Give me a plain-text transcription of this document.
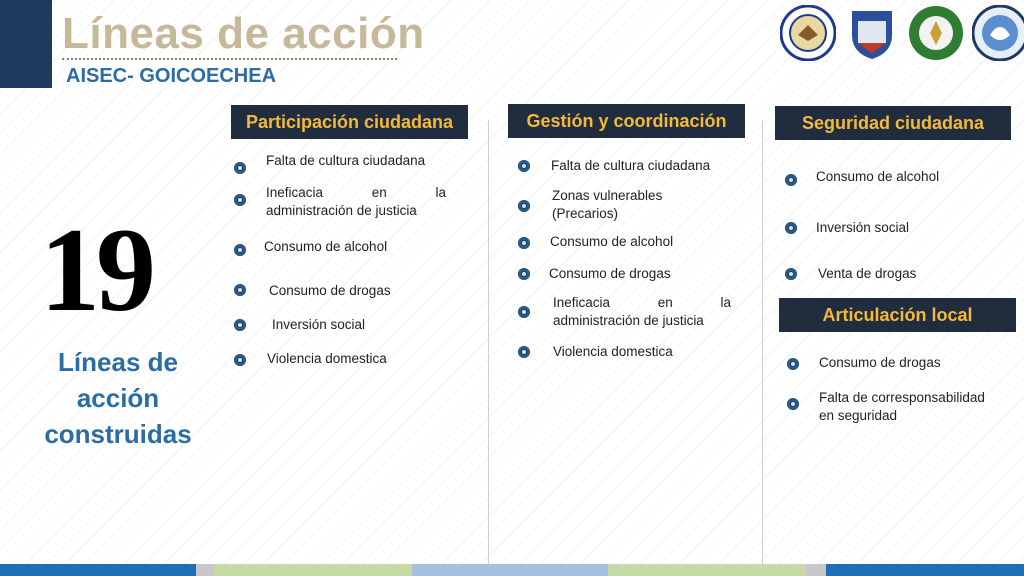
Líneas de acción
AISEC- GOICOECHEA
19
Líneas de acción construidas
Participación ciudadana
Falta de cultura ciudadana
Ineficacia en la administración de justicia
Consumo de alcohol
Consumo de drogas
Inversión social
Violencia domestica
Gestión y coordinación
Falta de cultura ciudadana
Zonas vulnerables (Precarios)
Consumo de alcohol
Consumo de drogas
Ineficacia en la administración de justicia
Violencia domestica
Seguridad ciudadana
Consumo de alcohol
Inversión social
Venta de drogas
Articulación local
Consumo de drogas
Falta de corresponsabilidad en seguridad
